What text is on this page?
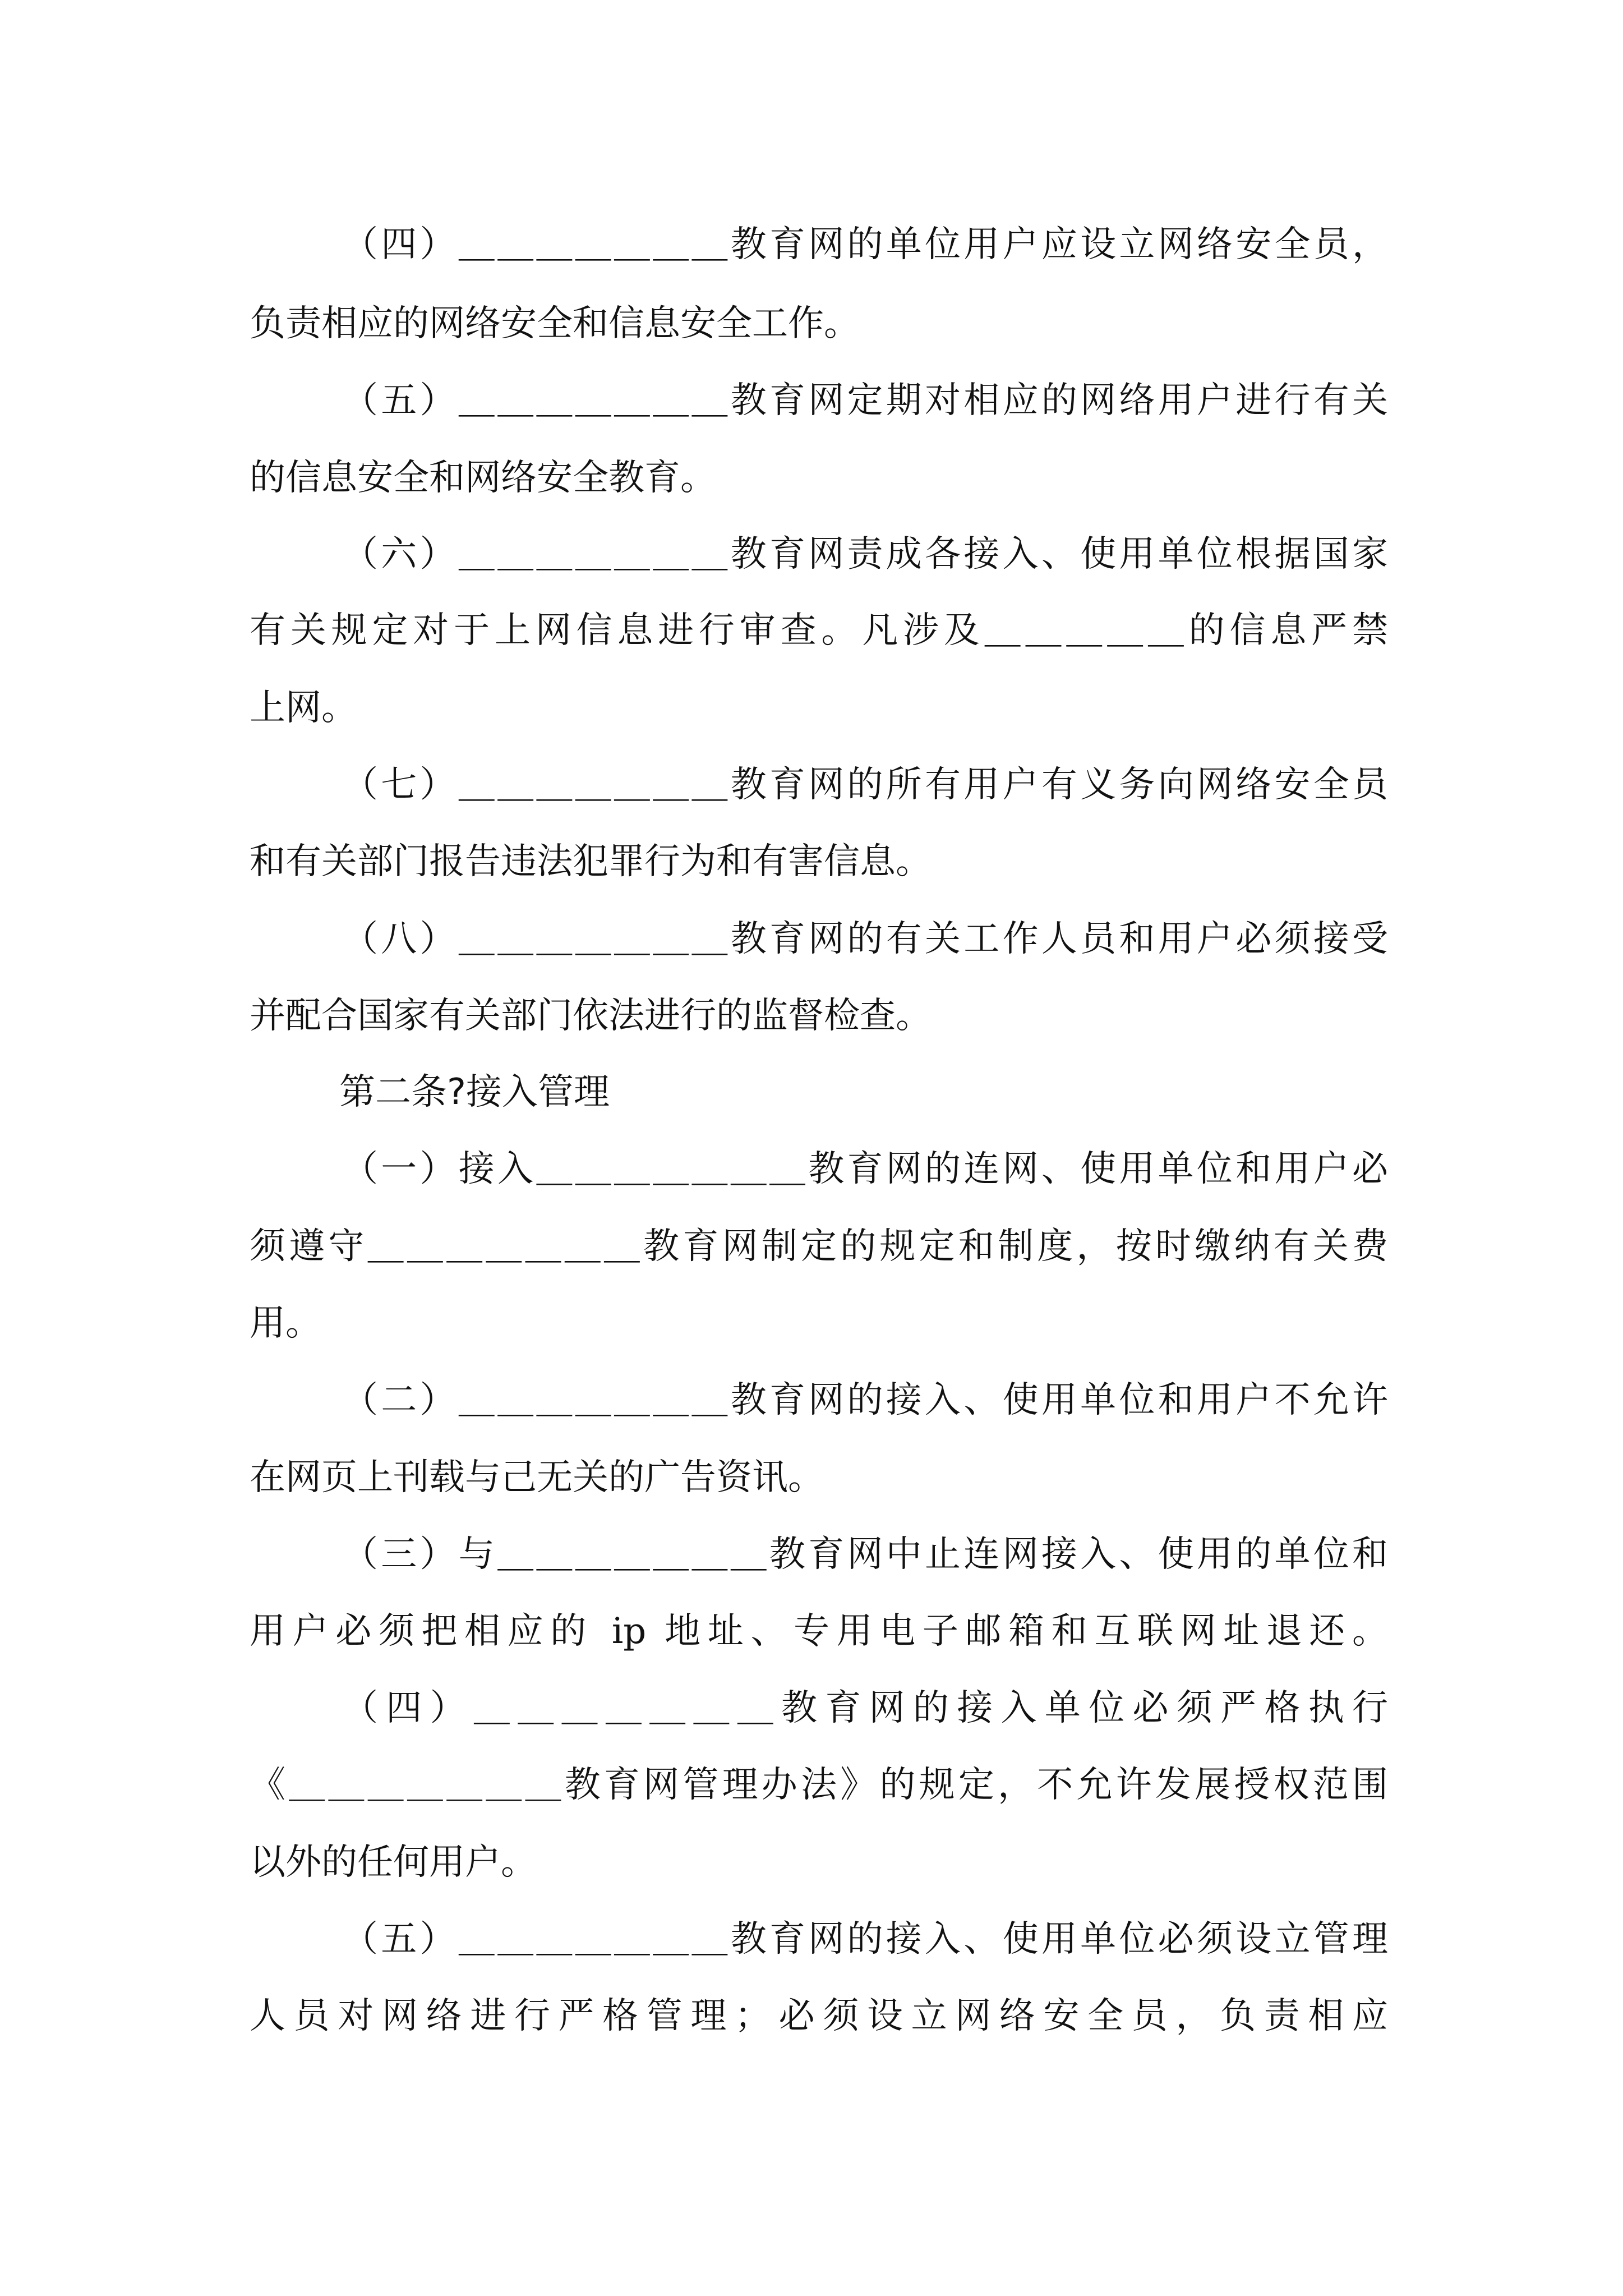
（四）＿＿＿＿＿＿＿教育网的单位用户应设立网络安全员，
负责相应的网络安全和信息安全工作。
（五）＿＿＿＿＿＿＿教育网定期对相应的网络用户进行有关
的信息安全和网络安全教育。
（六）＿＿＿＿＿＿＿教育网责成各接入、使用单位根据国家
有关规定对于上网信息进行审查。凡涉及＿＿＿＿＿的信息严禁
上网。
（七）＿＿＿＿＿＿＿教育网的所有用户有义务向网络安全员
和有关部门报告违法犯罪行为和有害信息。
（八）＿＿＿＿＿＿＿教育网的有关工作人员和用户必须接受
并配合国家有关部门依法进行的监督检查。
第二条?接入管理
（一）接入＿＿＿＿＿＿＿教育网的连网、使用单位和用户必
须遵守＿＿＿＿＿＿＿教育网制定的规定和制度，按时缴纳有关费
用。
（二）＿＿＿＿＿＿＿教育网的接入、使用单位和用户不允许
在网页上刊载与己无关的广告资讯。
（三）与＿＿＿＿＿＿＿教育网中止连网接入、使用的单位和
用户必须把相应的 ip 地址、专用电子邮箱和互联网址退还。
（四）＿＿＿＿＿＿＿教育网的接入单位必须严格执行
《＿＿＿＿＿＿＿教育网管理办法》的规定，不允许发展授权范围
以外的任何用户。
（五）＿＿＿＿＿＿＿教育网的接入、使用单位必须设立管理
人员对网络进行严格管理；必须设立网络安全员，负责相应
